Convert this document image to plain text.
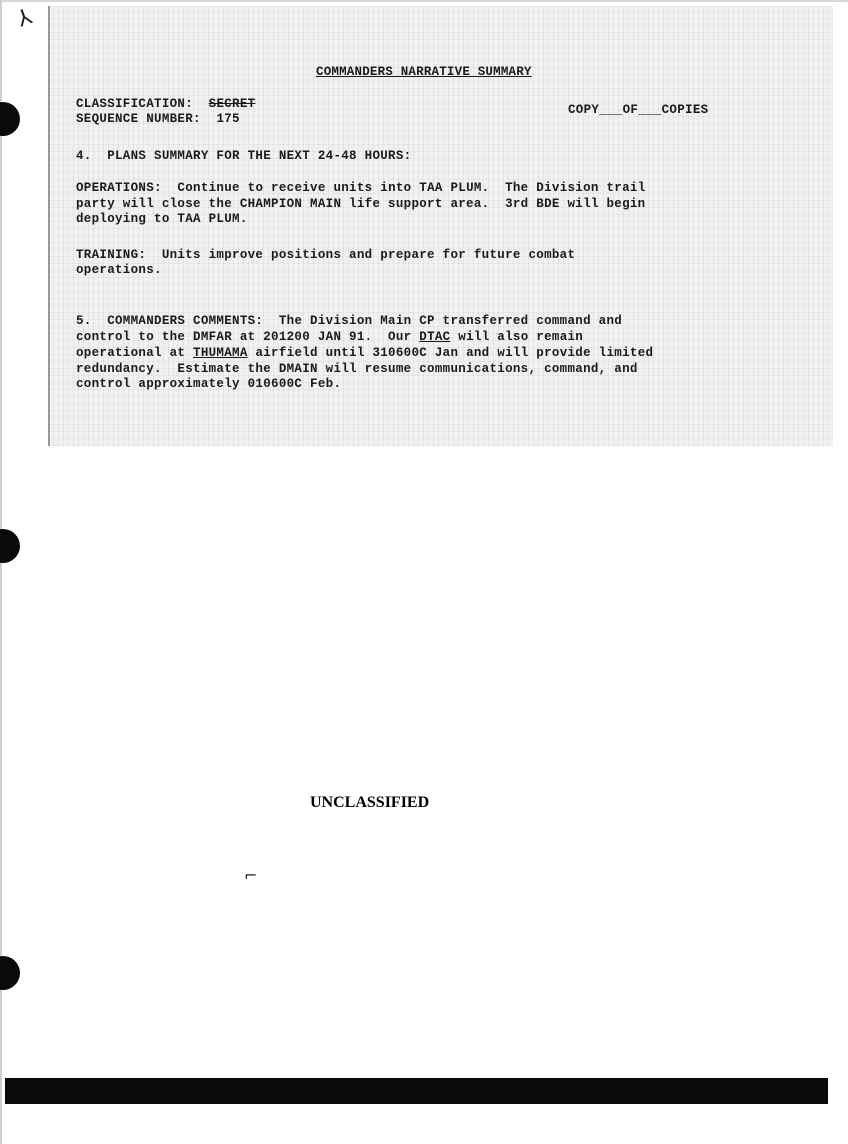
⅄
COMMANDERS NARRATIVE SUMMARY
CLASSIFICATION: SECRET	COPY___OF___COPIES
SEQUENCE NUMBER: 175
4.  PLANS SUMMARY FOR THE NEXT 24-48 HOURS:
OPERATIONS:  Continue to receive units into TAA PLUM.  The Division trail
party will close the CHAMPION MAIN life support area.  3rd BDE will begin
deploying to TAA PLUM.
TRAINING:  Units improve positions and prepare for future combat
operations.
5.  COMMANDERS COMMENTS:  The Division Main CP transferred command and
control to the DMFAR at 201200 JAN 91.  Our DTAC will also remain
operational at THUMAMA airfield until 310600C Jan and will provide limited
redundancy.  Estimate the DMAIN will resume communications, command, and
control approximately 010600C Feb.
UNCLASSIFIED
⌐
